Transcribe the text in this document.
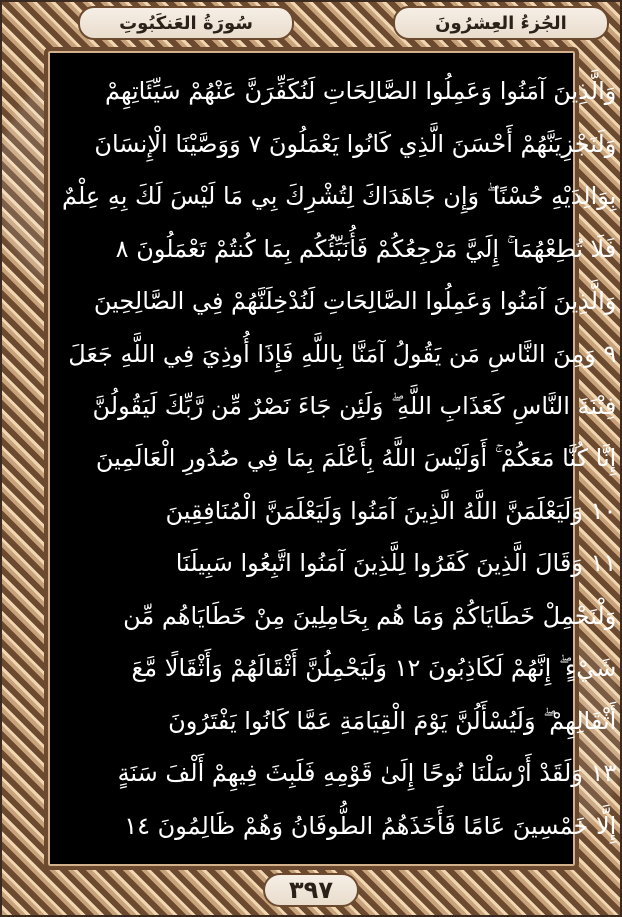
سُورَةُ العَنكَبُوتِ	الجُزءُ العِشرُونَ
وَالَّذِينَ آمَنُوا وَعَمِلُوا الصَّالِحَاتِ لَنُكَفِّرَنَّ عَنْهُمْ سَيِّئَاتِهِمْ
وَلَنَجْزِيَنَّهُمْ أَحْسَنَ الَّذِي كَانُوا يَعْمَلُونَ ٧ وَوَصَّيْنَا الْإِنسَانَ
بِوَالِدَيْهِ حُسْنًا ۖ وَإِن جَاهَدَاكَ لِتُشْرِكَ بِي مَا لَيْسَ لَكَ بِهِ عِلْمٌ
فَلَا تُطِعْهُمَا ۚ إِلَيَّ مَرْجِعُكُمْ فَأُنَبِّئُكُم بِمَا كُنتُمْ تَعْمَلُونَ ٨
وَالَّذِينَ آمَنُوا وَعَمِلُوا الصَّالِحَاتِ لَنُدْخِلَنَّهُمْ فِي الصَّالِحِينَ
٩ وَمِنَ النَّاسِ مَن يَقُولُ آمَنَّا بِاللَّهِ فَإِذَا أُوذِيَ فِي اللَّهِ جَعَلَ
فِتْنَةَ النَّاسِ كَعَذَابِ اللَّهِ ۖ وَلَئِن جَاءَ نَصْرٌ مِّن رَّبِّكَ لَيَقُولُنَّ
إِنَّا كُنَّا مَعَكُمْ ۚ أَوَلَيْسَ اللَّهُ بِأَعْلَمَ بِمَا فِي صُدُورِ الْعَالَمِينَ
١٠ وَلَيَعْلَمَنَّ اللَّهُ الَّذِينَ آمَنُوا وَلَيَعْلَمَنَّ الْمُنَافِقِينَ
١١ وَقَالَ الَّذِينَ كَفَرُوا لِلَّذِينَ آمَنُوا اتَّبِعُوا سَبِيلَنَا
وَلْنَحْمِلْ خَطَايَاكُمْ وَمَا هُم بِحَامِلِينَ مِنْ خَطَايَاهُم مِّن
شَيْءٍ ۖ إِنَّهُمْ لَكَاذِبُونَ ١٢ وَلَيَحْمِلُنَّ أَثْقَالَهُمْ وَأَثْقَالًا مَّعَ
أَثْقَالِهِمْ ۖ وَلَيُسْأَلُنَّ يَوْمَ الْقِيَامَةِ عَمَّا كَانُوا يَفْتَرُونَ
١٣ وَلَقَدْ أَرْسَلْنَا نُوحًا إِلَىٰ قَوْمِهِ فَلَبِثَ فِيهِمْ أَلْفَ سَنَةٍ
إِلَّا خَمْسِينَ عَامًا فَأَخَذَهُمُ الطُّوفَانُ وَهُمْ ظَالِمُونَ ١٤
٣٩٧
